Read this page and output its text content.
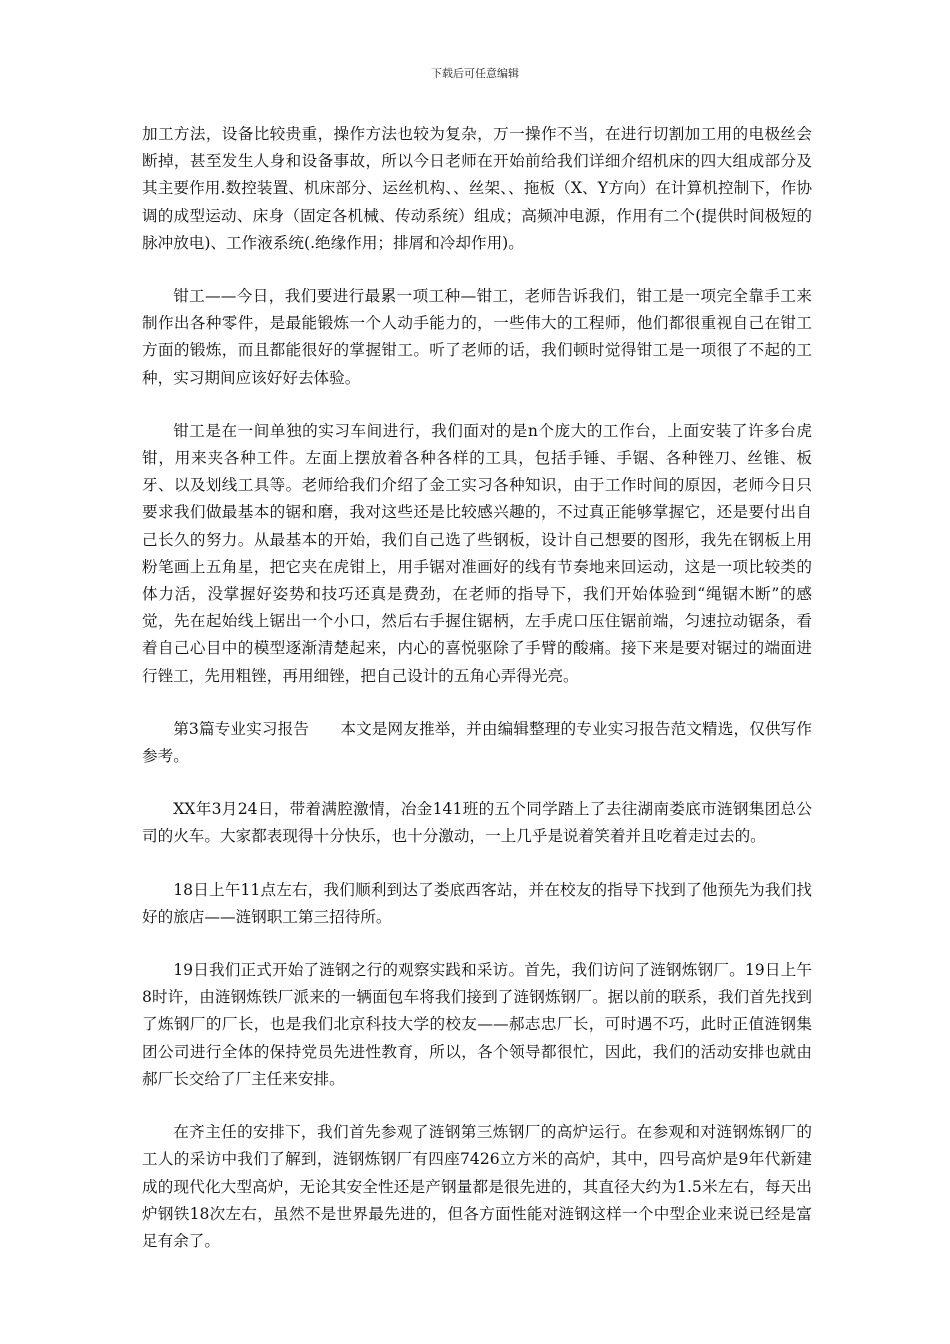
下载后可任意编辑

加工方法，设备比较贵重，操作方法也较为复杂，万一操作不当，在进行切割加工用的电极丝会断掉，甚至发生人身和设备事故，所以今日老师在开始前给我们详细介绍机床的四大组成部分及其主要作用.数控装置、机床部分、运丝机构、、丝架、、拖板（X、Y方向）在计算机控制下，作协调的成型运动、床身（固定各机械、传动系统）组成；高频冲电源，作用有二个(提供时间极短的脉冲放电)、工作液系统(.绝缘作用；排屑和冷却作用)。

钳工——今日，我们要进行最累一项工种—钳工，老师告诉我们，钳工是一项完全靠手工来制作出各种零件，是最能锻炼一个人动手能力的，一些伟大的工程师，他们都很重视自己在钳工方面的锻炼，而且都能很好的掌握钳工。听了老师的话，我们顿时觉得钳工是一项很了不起的工种，实习期间应该好好去体验。

钳工是在一间单独的实习车间进行，我们面对的是n个庞大的工作台，上面安装了许多台虎钳，用来夹各种工件。左面上摆放着各种各样的工具，包括手锤、手锯、各种锉刀、丝锥、板牙、以及划线工具等。老师给我们介绍了金工实习各种知识，由于工作时间的原因，老师今日只要求我们做最基本的锯和磨，我对这些还是比较感兴趣的，不过真正能够掌握它，还是要付出自己长久的努力。从最基本的开始，我们自己选了些钢板，设计自己想要的图形，我先在钢板上用粉笔画上五角星，把它夹在虎钳上，用手锯对准画好的线有节奏地来回运动，这是一项比较类的体力活，没掌握好姿势和技巧还真是费劲，在老师的指导下，我们开始体验到“绳锯木断”的感觉，先在起始线上锯出一个小口，然后右手握住锯柄，左手虎口压住锯前端，匀速拉动锯条，看着自己心目中的模型逐渐清楚起来，内心的喜悦驱除了手臂的酸痛。接下来是要对锯过的端面进行锉工，先用粗锉，再用细锉，把自己设计的五角心弄得光亮。

第3篇专业实习报告 本文是网友推举，并由编辑整理的专业实习报告范文精选，仅供写作参考。

XX年3月24日，带着满腔激情，冶金141班的五个同学踏上了去往湖南娄底市涟钢集团总公司的火车。大家都表现得十分快乐，也十分激动，一上几乎是说着笑着并且吃着走过去的。

18日上午11点左右，我们顺利到达了娄底西客站，并在校友的指导下找到了他预先为我们找好的旅店——涟钢职工第三招待所。

19日我们正式开始了涟钢之行的观察实践和采访。首先，我们访问了涟钢炼钢厂。19日上午8时许，由涟钢炼铁厂派来的一辆面包车将我们接到了涟钢炼钢厂。据以前的联系，我们首先找到了炼钢厂的厂长，也是我们北京科技大学的校友——郝志忠厂长，可时遇不巧，此时正值涟钢集团公司进行全体的保持党员先进性教育，所以，各个领导都很忙，因此，我们的活动安排也就由郝厂长交给了厂主任来安排。

在齐主任的安排下，我们首先参观了涟钢第三炼钢厂的高炉运行。在参观和对涟钢炼钢厂的工人的采访中我们了解到，涟钢炼钢厂有四座7426立方米的高炉，其中，四号高炉是9年代新建成的现代化大型高炉，无论其安全性还是产钢量都是很先进的，其直径大约为1.5米左右，每天出炉钢铁18次左右，虽然不是世界最先进的，但各方面性能对涟钢这样一个中型企业来说已经是富足有余了。
